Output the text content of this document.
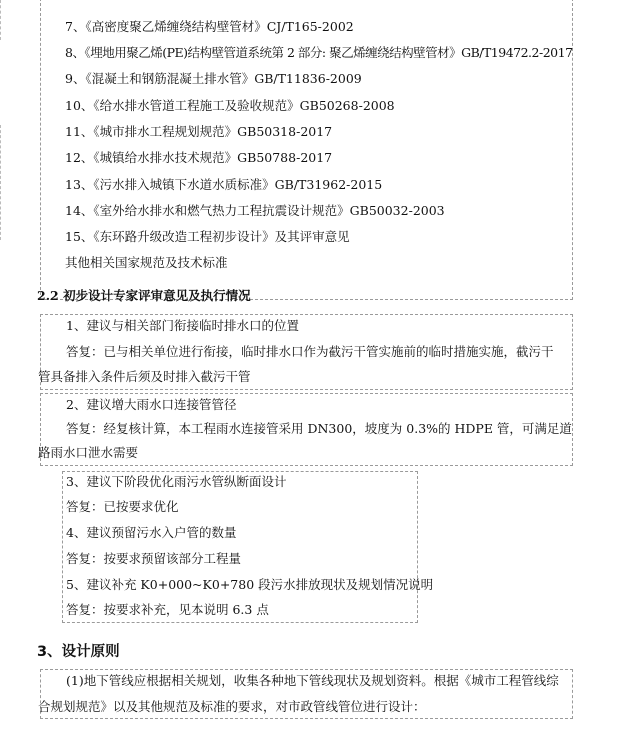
7、《高密度聚乙烯缠绕结构壁管材》CJ/T165-2002
8、《埋地用聚乙烯(PE)结构壁管道系统第 2 部分: 聚乙烯缠绕结构壁管材》GB/T19472.2-2017
9、《混凝土和钢筋混凝土排水管》GB/T11836-2009
10、《给水排水管道工程施工及验收规范》GB50268-2008
11、《城市排水工程规划规范》GB50318-2017
12、《城镇给水排水技术规范》GB50788-2017
13、《污水排入城镇下水道水质标准》GB/T31962-2015
14、《室外给水排水和燃气热力工程抗震设计规范》GB50032-2003
15、《东环路升级改造工程初步设计》及其评审意见
其他相关国家规范及技术标准
2.2 初步设计专家评审意见及执行情况
1、建议与相关部门衔接临时排水口的位置
答复：已与相关单位进行衔接，临时排水口作为截污干管实施前的临时措施实施，截污干
管具备排入条件后须及时排入截污干管
2、建议增大雨水口连接管管径
答复：经复核计算，本工程雨水连接管采用 DN300，坡度为 0.3%的 HDPE 管，可满足道
路雨水口泄水需要
3、建议下阶段优化雨污水管纵断面设计
答复：已按要求优化
4、建议预留污水入户管的数量
答复：按要求预留该部分工程量
5、建议补充 K0+000~K0+780 段污水排放现状及规划情况说明
答复：按要求补充，见本说明 6.3 点
3、设计原则
(1)地下管线应根据相关规划，收集各种地下管线现状及规划资料。根据《城市工程管线综
合规划规范》以及其他规范及标准的要求，对市政管线管位进行设计：
